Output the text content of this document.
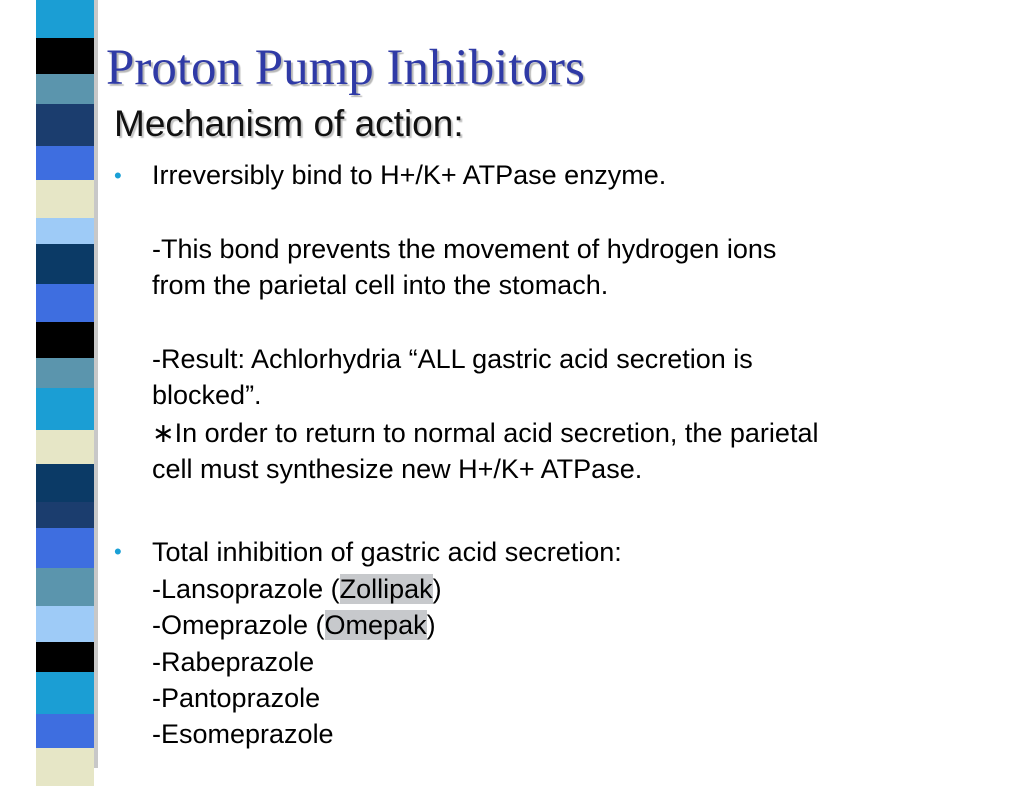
Proton Pump Inhibitors
Mechanism of action:
• Irreversibly bind to H+/K+ ATPase enzyme.
-This bond prevents the movement of hydrogen ions
from the parietal cell into the stomach.
-Result: Achlorhydria “ALL gastric acid secretion is
blocked”.
∗In order to return to normal acid secretion, the parietal
cell must synthesize new H+/K+ ATPase.
• Total inhibition of gastric acid secretion:
-Lansoprazole (Zollipak)
-Omeprazole (Omepak)
-Rabeprazole
-Pantoprazole
-Esomeprazole
